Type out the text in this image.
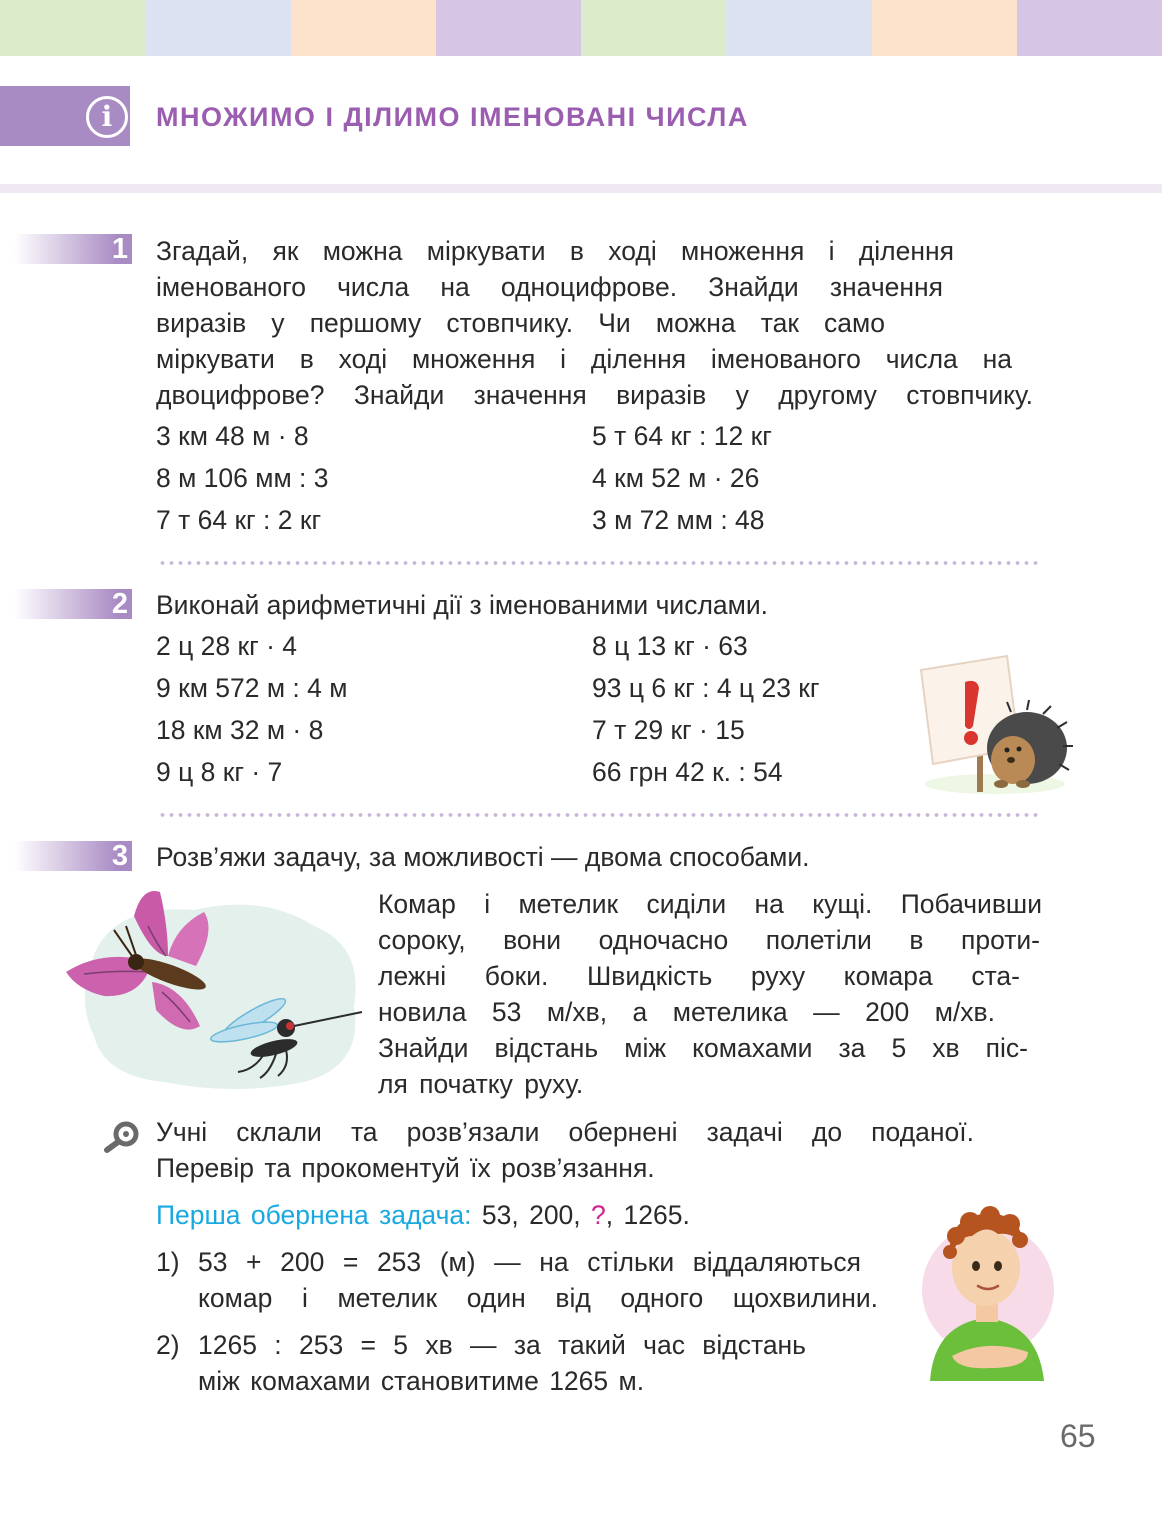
i	МНОЖИМО І ДІЛИМО ІМЕНОВАНІ ЧИСЛА
1 Згадай, як можна міркувати в ході множення і ділення
іменованого числа на одноцифрове. Знайди значення
виразів у першому стовпчику. Чи можна так само
міркувати в ході множення і ділення іменованого числа на
двоцифрове? Знайди значення виразів у другому стовпчику.
3 км 48 м · 8
8 м 106 мм : 3
7 т 64 кг : 2 кг
5 т 64 кг : 12 кг
4 км 52 м · 26
3 м 72 мм : 48
2 Виконай арифметичні дії з іменованими числами.
2 ц 28 кг · 4
9 км 572 м : 4 м
18 км 32 м · 8
9 ц 8 кг · 7
8 ц 13 кг · 63
93 ц 6 кг : 4 ц 23 кг
7 т 29 кг · 15
66 грн 42 к. : 54
3 Розв’яжи задачу, за можливості — двома способами.
Комар і метелик сиділи на кущі. Побачивши
сороку, вони одночасно полетіли в проти-
лежні боки. Швидкість руху комара ста-
новила 53 м/хв, а метелика — 200 м/хв.
Знайди відстань між комахами за 5 хв піс-
ля початку руху.
Учні склали та розв’язали обернені задачі до поданої.
Перевір та прокоментуй їх розв’язання.
Перша обернена задача: 53, 200, ?, 1265.
1) 53 + 200 = 253 (м) — на стільки віддаляються
комар і метелик один від одного щохвилини.
2) 1265 : 253 = 5 хв — за такий час відстань
між комахами становитиме 1265 м.
65
